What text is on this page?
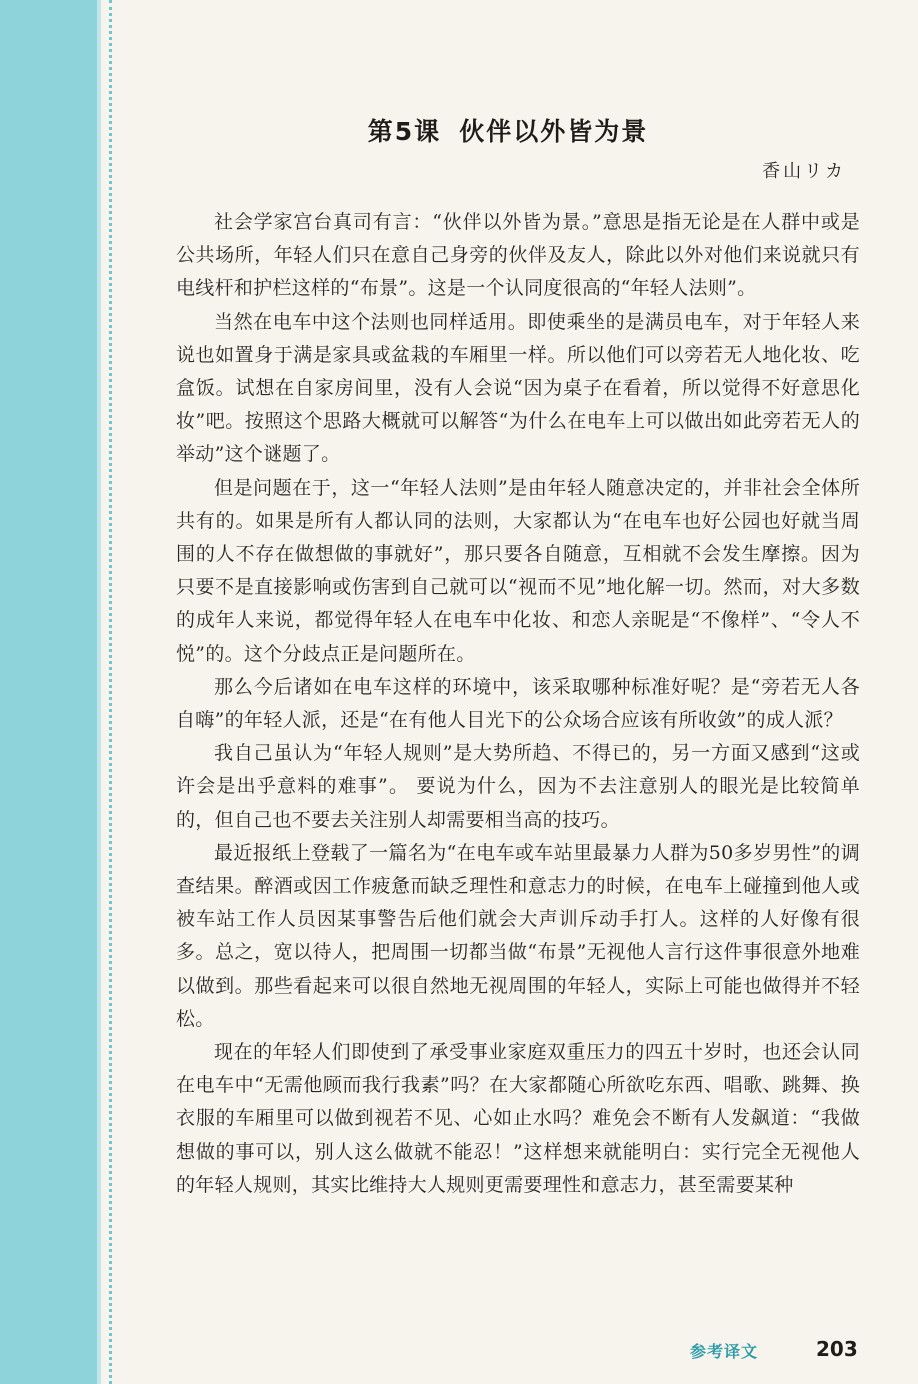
第5课 伙伴以外皆为景
香山リカ

社会学家宫台真司有言：“伙伴以外皆为景。”意思是指无论是在人群中或是公共场所，年轻人们只在意自己身旁的伙伴及友人，除此以外对他们来说就只有电线杆和护栏这样的“布景”。这是一个认同度很高的“年轻人法则”。

当然在电车中这个法则也同样适用。即使乘坐的是满员电车，对于年轻人来说也如置身于满是家具或盆栽的车厢里一样。所以他们可以旁若无人地化妆、吃盒饭。试想在自家房间里，没有人会说“因为桌子在看着，所以觉得不好意思化妆”吧。按照这个思路大概就可以解答“为什么在电车上可以做出如此旁若无人的举动”这个谜题了。

但是问题在于，这一“年轻人法则”是由年轻人随意决定的，并非社会全体所共有的。如果是所有人都认同的法则，大家都认为“在电车也好公园也好就当周围的人不存在做想做的事就好”，那只要各自随意，互相就不会发生摩擦。因为只要不是直接影响或伤害到自己就可以“视而不见”地化解一切。然而，对大多数的成年人来说，都觉得年轻人在电车中化妆、和恋人亲昵是“不像样”、“令人不悦”的。这个分歧点正是问题所在。

那么今后诸如在电车这样的环境中，该采取哪种标准好呢？是“旁若无人各自嗨”的年轻人派，还是“在有他人目光下的公众场合应该有所收敛”的成人派？

我自己虽认为“年轻人规则”是大势所趋、不得已的，另一方面又感到“这或许会是出乎意料的难事”。 要说为什么，因为不去注意别人的眼光是比较简单的，但自己也不要去关注别人却需要相当高的技巧。

最近报纸上登载了一篇名为“在电车或车站里最暴力人群为50多岁男性”的调查结果。醉酒或因工作疲惫而缺乏理性和意志力的时候，在电车上碰撞到他人或被车站工作人员因某事警告后他们就会大声训斥动手打人。这样的人好像有很多。总之，宽以待人，把周围一切都当做“布景”无视他人言行这件事很意外地难以做到。那些看起来可以很自然地无视周围的年轻人，实际上可能也做得并不轻松。

现在的年轻人们即使到了承受事业家庭双重压力的四五十岁时，也还会认同在电车中“无需他顾而我行我素”吗？在大家都随心所欲吃东西、唱歌、跳舞、换衣服的车厢里可以做到视若不见、心如止水吗？难免会不断有人发飙道：“我做想做的事可以，别人这么做就不能忍！”这样想来就能明白：实行完全无视他人的年轻人规则，其实比维持大人规则更需要理性和意志力，甚至需要某种

参考译文	203
